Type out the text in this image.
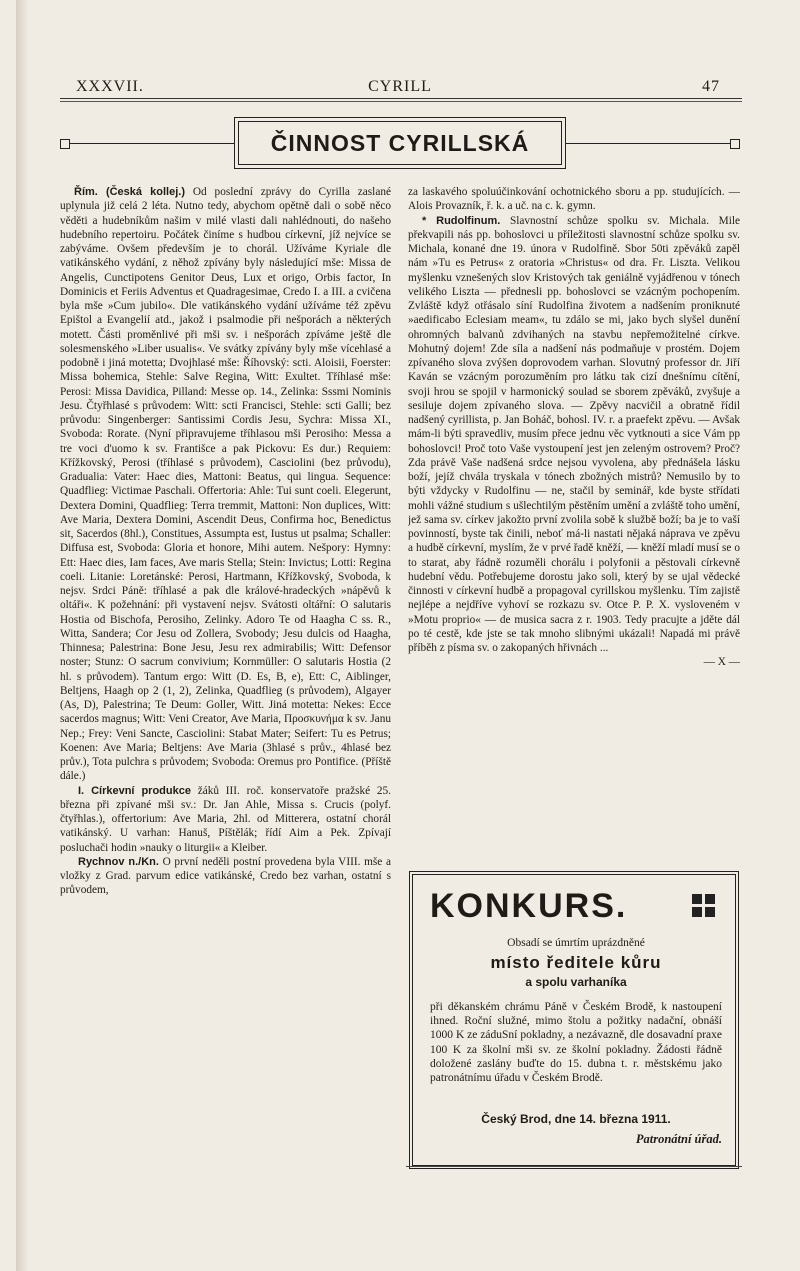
XXXVII.	CYRILL	47
ČINNOST CYRILLSKÁ

Řím. (Česká kollej.) Od poslední zprávy do Cyrilla zaslané uplynula již celá 2 léta. Nutno tedy, abychom opětně dali o sobě něco věděti a hudebníkům našim v milé vlasti dali nahlédnouti, do našeho hudebního repertoiru. Počátek činíme s hudbou církevní, jíž nejvíce se zabýváme. Ovšem především je to chorál. Užíváme Kyriale dle vatikánského vydání, z něhož zpívány byly následující mše: Missa de Angelis, Cunctipotens Genitor Deus, Lux et origo, Orbis factor, In Dominicis et Feriis Adventus et Quadragesimae, Credo I. a III. a cvičena byla mše »Cum jubilo«. Dle vatikánského vydání užíváme též zpěvu Epištol a Evangelií atd., jakož i psalmodie při nešporách a některých motett. Části proměnlivé při mši sv. i nešporách zpíváme ještě dle solesmenského »Liber usualis«. Ve svátky zpívány byly mše vícehlasé a podobně i jiná motetta; Dvojhlasé mše: Říhovský: scti. Aloisii, Foerster: Missa bohemica, Stehle: Salve Regina, Witt: Exultet. Tříhlasé mše: Perosi: Missa Davidica, Pilland: Messe op. 14., Zelinka: Sssmi Nominis Jesu. Čtyřhlasé s průvodem: Witt: scti Francisci, Stehle: scti Galli; bez průvodu: Singenberger: Santissimi Cordis Jesu, Sychra: Missa XI., Svoboda: Rorate. (Nyní připravujeme tříhlasou mši Perosiho: Messa a tre voci d'uomo k sv. Františce a pak Pickovu: Es dur.) Requiem: Křížkovský, Perosi (tříhlasé s průvodem), Casciolini (bez průvodu), Gradualia: Vater: Haec dies, Mattoni: Beatus, qui lingua. Sequence: Quadflieg: Victimae Paschali. Offertoria: Ahle: Tui sunt coeli. Elegerunt, Dextera Domini, Quadflieg: Terra tremmit, Mattoni: Non duplices, Witt: Ave Maria, Dextera Domini, Ascendit Deus, Confirma hoc, Benedictus sit, Sacerdos (8hl.), Constitues, Assumpta est, Iustus ut psalma; Schaller: Diffusa est, Svoboda: Gloria et honore, Mihi autem. Nešpory: Hymny: Ett: Haec dies, Iam faces, Ave maris Stella; Stein: Invictus; Lotti: Regina coeli. Litanie: Loretánské: Perosi, Hartmann, Křížkovský, Svoboda, k nejsv. Srdci Páně: tříhlasé a pak dle králové-hradeckých »nápěvů k oltáři«. K požehnání: při vystavení nejsv. Svátosti oltářní: O salutaris Hostia od Bischofa, Perosiho, Zelinky. Adoro Te od Haagha C ss. R., Witta, Sandera; Cor Jesu od Zollera, Svobody; Jesu dulcis od Haagha, Thinnesa; Palestrina: Bone Jesu, Jesu rex admirabilis; Witt: Defensor noster; Stunz: O sacrum convivium; Kornmüller: O salutaris Hostia (2 hl. s průvodem). Tantum ergo: Witt (D. Es, B, e), Ett: C, Aiblinger, Beltjens, Haagh op 2 (1, 2), Zelinka, Quadflieg (s průvodem), Algayer (As, D), Palestrina; Te Deum: Goller, Witt. Jiná motetta: Nekes: Ecce sacerdos magnus; Witt: Veni Creator, Ave Maria, Προσκυνήμα k sv. Janu Nep.; Frey: Veni Sancte, Casciolini: Stabat Mater; Seifert: Tu es Petrus; Koenen: Ave Maria; Beltjens: Ave Maria (3hlasé s prův., 4hlasé bez prův.), Tota pulchra s průvodem; Svoboda: Oremus pro Pontifice. (Příště dále.)

I. Církevní produkce žáků III. roč. konservatoře pražské 25. března při zpívané mši sv.: Dr. Jan Ahle, Missa s. Crucis (polyf. čtyřhlas.), offertorium: Ave Maria, 2hl. od Mitterera, ostatní chorál vatikánský. U varhan: Hanuš, Píštělák; řídí Aim a Pek. Zpívají posluchači hodin »nauky o liturgii« a Kleiber.

Rychnov n./Kn. O první neděli postní provedena byla VIII. mše a vložky z Grad. parvum edice vatikánské, Credo bez varhan, ostatní s průvodem,

za laskavého spoluúčinkování ochotnického sboru a pp. studujících. — Alois Provazník, ř. k. a uč. na c. k. gymn.

* Rudolfinum. Slavnostní schůze spolku sv. Michala. Mile překvapili nás pp. bohoslovci u příležitosti slavnostní schůze spolku sv. Michala, konané dne 19. února v Rudolfině. Sbor 50ti zpěváků zapěl nám »Tu es Petrus« z oratoria »Christus« od dra. Fr. Liszta. Velikou myšlenku vznešených slov Kristových tak geniálně vyjádřenou v tónech velikého Liszta — přednesli pp. bohoslovci se vzácným pochopením. Zvláště když otřásalo síní Rudolfina životem a nadšením proniknuté »aedificabo Eclesiam meam«, tu zdálo se mi, jako bych slyšel dunění ohromných balvanů zdvihaných na stavbu nepřemožitelné církve. Mohutný dojem! Zde síla a nadšení nás podmaňuje v prostém. Dojem zpívaného slova zvýšen doprovodem varhan. Slovutný professor dr. Jiří Kaván se vzácným porozuměním pro látku tak cizí dnešnímu cítění, svoji hrou se spojil v harmonický soulad se sborem zpěváků, zvyšuje a sesiluje dojem zpívaného slova. — Zpěvy nacvičil a obratně řídil nadšený cyrillista, p. Jan Boháč, bohosl. IV. r. a praefekt zpěvu. — Avšak mám-li býti spravedliv, musím přece jednu věc vytknouti a sice Vám pp bohoslovci! Proč toto Vaše vystoupení jest jen zeleným ostrovem? Proč? Zda právě Vaše nadšená srdce nejsou vyvolena, aby přednášela lásku boží, jejíž chvála tryskala v tónech zbožných mistrů? Nemusilo by to býti vždycky v Rudolfinu — ne, stačil by seminář, kde byste střídati mohli vážné studium s ušlechtilým pěstěním umění a zvláště toho umění, jež sama sv. církev jakožto první zvolila sobě k službě boží; ba je to vaší povinností, byste tak činili, neboť má-li nastati nějaká náprava ve zpěvu a hudbě církevní, myslím, že v prvé řadě kněží, — kněží mladí musí se o to starat, aby řádně rozuměli chorálu i polyfonii a pěstovali církevně hudební vědu. Potřebujeme dorostu jako soli, který by se ujal vědecké činnosti v církevní hudbě a propagoval cyrillskou myšlenku. Tím zajistě nejlépe a nejdříve vyhoví se rozkazu sv. Otce P. P. X. vysloveném v »Motu proprio« — de musica sacra z r. 1903. Tedy pracujte a jděte dál po té cestě, kde jste se tak mnoho slibnými ukázali! Napadá mi právě příběh z písma sv. o zakopaných hřivnách ...

— X —

KONKURS.
Obsadí se úmrtím uprázdněné
místo ředitele kůru
a spolu varhaníka
při děkanském chrámu Páně v Českém Brodě, k nastoupení ihned. Roční služné, mimo štolu a požitky nadační, obnáší 1000 K ze záduSní pokladny, a nezávazně, dle dosavadní praxe 100 K za školní mši sv. ze školní pokladny. Žádosti řádně doložené zaslány buďte do 15. dubna t. r. městskému jako patronátnímu úřadu v Českém Brodě.
Český Brod, dne 14. března 1911.
Patronátní úřad.
